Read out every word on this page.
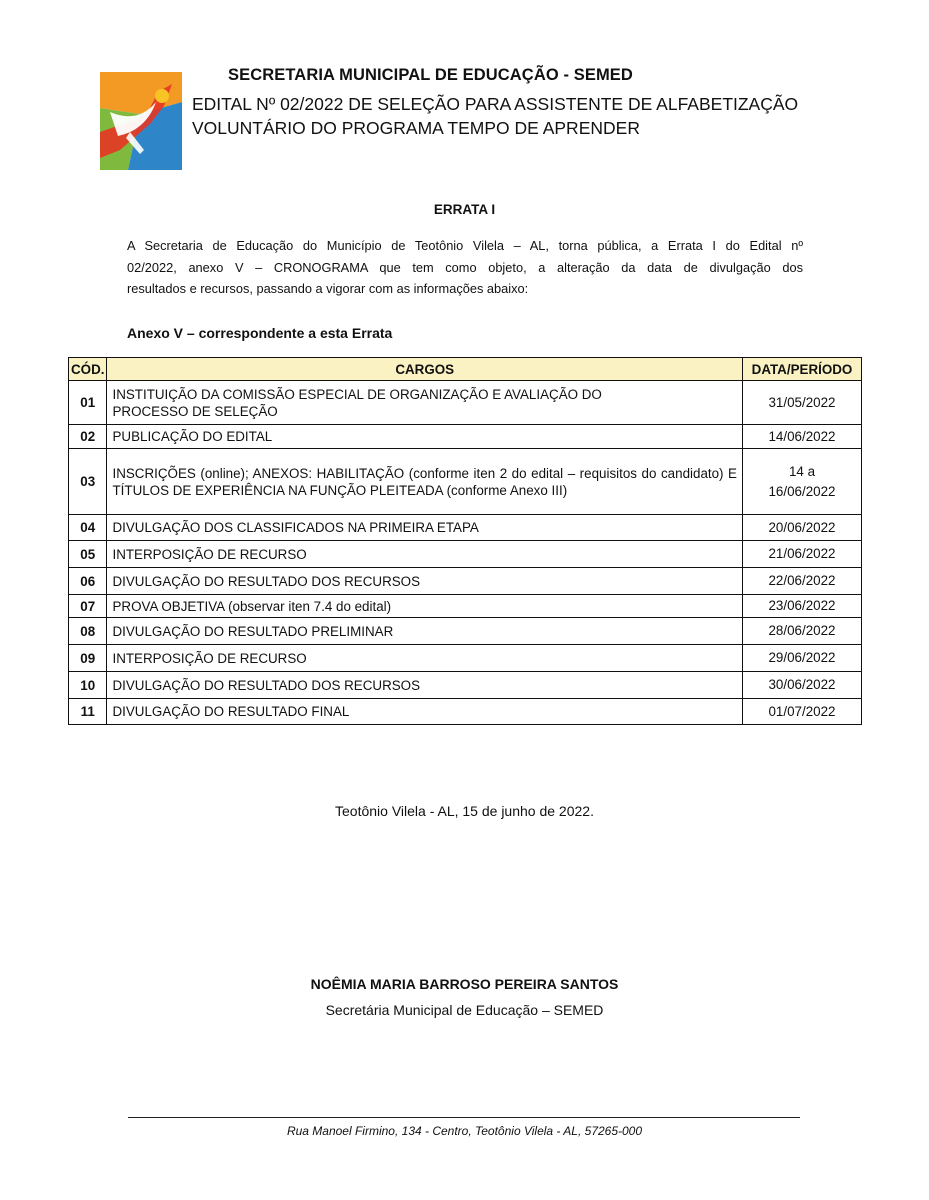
SECRETARIA MUNICIPAL DE EDUCAÇÃO - SEMED
EDITAL Nº 02/2022 DE SELEÇÃO PARA ASSISTENTE DE ALFABETIZAÇÃO
VOLUNTÁRIO DO PROGRAMA TEMPO DE APRENDER
ERRATA I
A Secretaria de Educação do Município de Teotônio Vilela – AL, torna pública, a Errata I do Edital nº
02/2022, anexo V – CRONOGRAMA que tem como objeto, a alteração da data de divulgação dos
resultados e recursos, passando a vigorar com as informações abaixo:
Anexo V – correspondente a esta Errata
CÓD.	CARGOS	DATA/PERÍODO
01	INSTITUIÇÃO DA COMISSÃO ESPECIAL DE ORGANIZAÇÃO E AVALIAÇÃO DO PROCESSO DE SELEÇÃO	31/05/2022
02	PUBLICAÇÃO DO EDITAL	14/06/2022
03	INSCRIÇÕES (online); ANEXOS: HABILITAÇÃO (conforme iten 2 do edital – requisitos do candidato) E TÍTULOS DE EXPERIÊNCIA NA FUNÇÃO PLEITEADA (conforme Anexo III)	14 a
16/06/2022

04	DIVULGAÇÃO DOS CLASSIFICADOS NA PRIMEIRA ETAPA	20/06/2022
05	INTERPOSIÇÃO DE RECURSO	21/06/2022
06	DIVULGAÇÃO DO RESULTADO DOS RECURSOS	22/06/2022
07	PROVA OBJETIVA (observar iten 7.4 do edital)	23/06/2022
08	DIVULGAÇÃO DO RESULTADO PRELIMINAR	28/06/2022
09	INTERPOSIÇÃO DE RECURSO	29/06/2022
10	DIVULGAÇÃO DO RESULTADO DOS RECURSOS	30/06/2022
11	DIVULGAÇÃO DO RESULTADO FINAL	01/07/2022
Teotônio Vilela - AL, 15 de junho de 2022.
NOÊMIA MARIA BARROSO PEREIRA SANTOS
Secretária Municipal de Educação – SEMED
Rua Manoel Firmino, 134 - Centro, Teotônio Vilela - AL, 57265-000
